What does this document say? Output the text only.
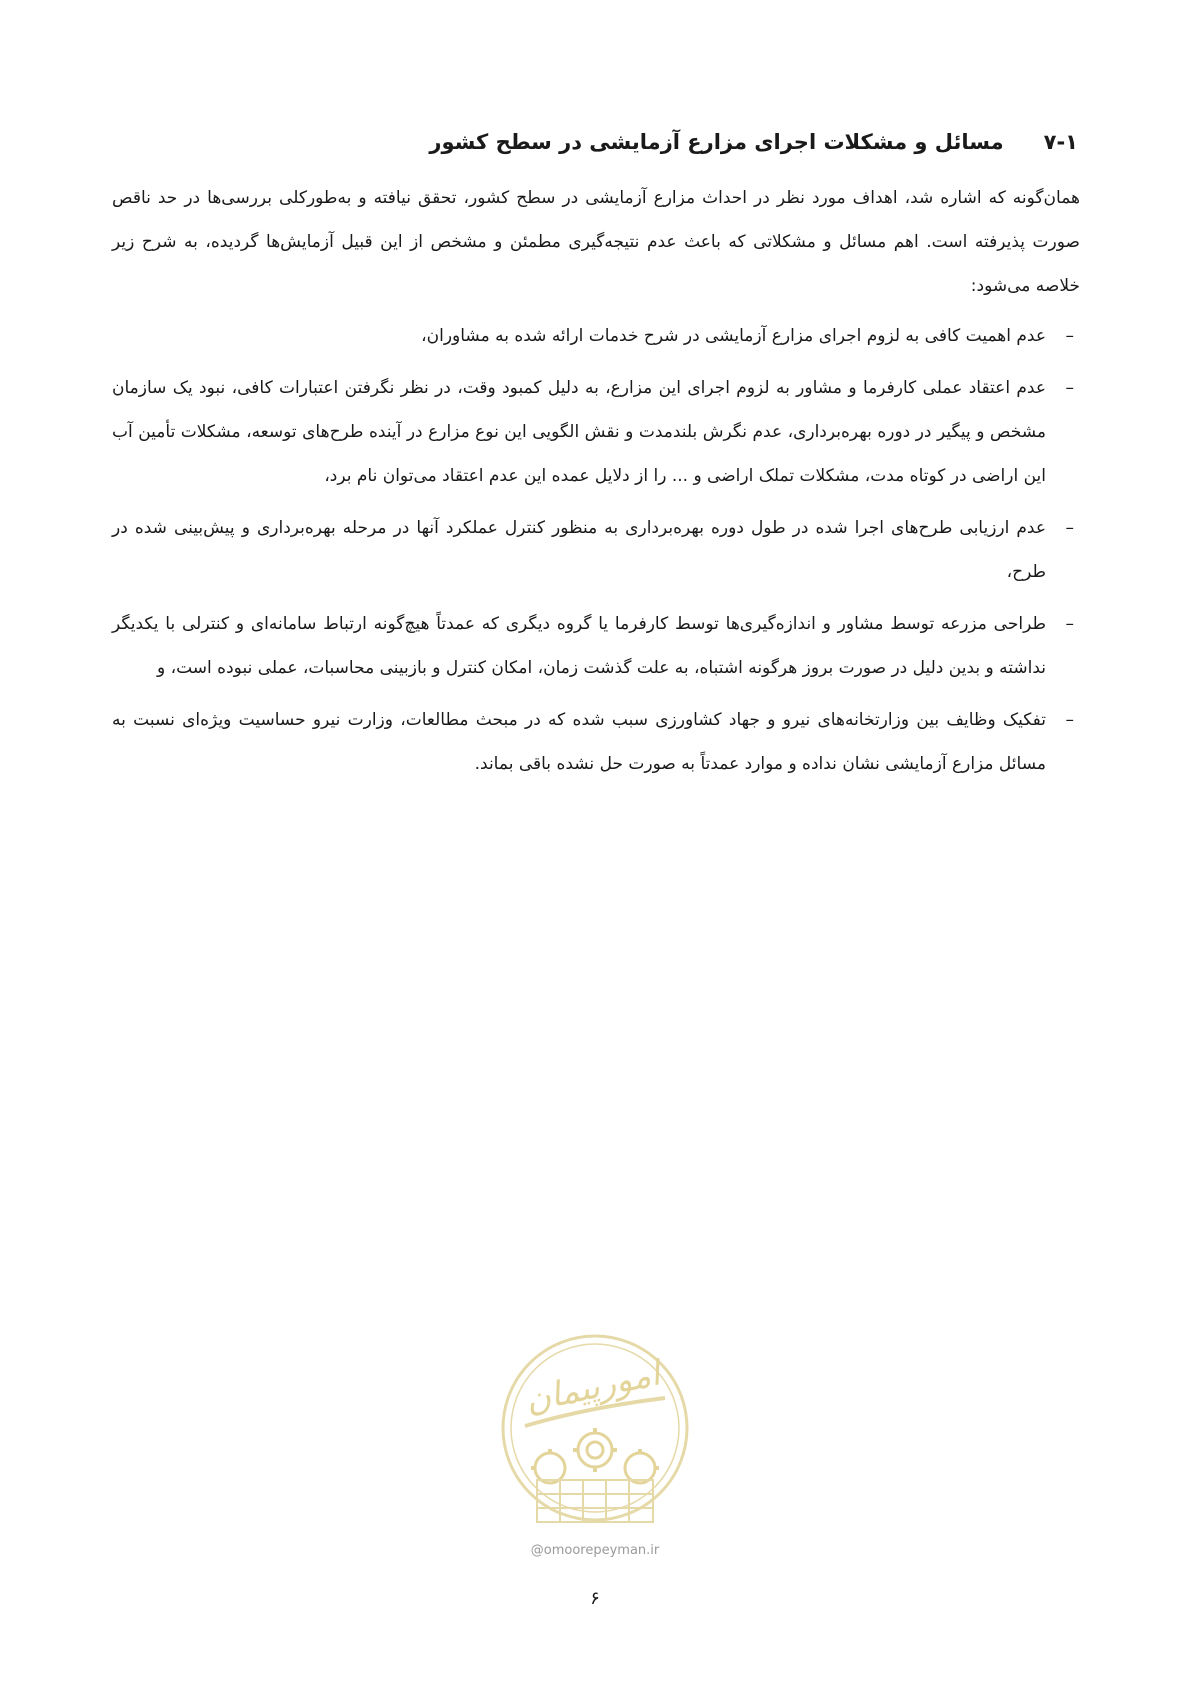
۷-۱
مسائل و مشکلات اجرای مزارع آزمایشی در سطح کشور

همان‌گونه که اشاره شد، اهداف مورد نظر در احداث مزارع آزمایشی در سطح کشور، تحقق نیافته و به‌طورکلی بررسی‌ها در حد ناقص صورت پذیرفته است. اهم مسائل و مشکلاتی که باعث عدم نتیجه‌گیری مطمئن و مشخص از این قبیل آزمایش‌ها گردیده، به شرح زیر خلاصه می‌شود:

–
عدم اهمیت کافی به لزوم اجرای مزارع آزمایشی در شرح خدمات ارائه شده به مشاوران،
–
عدم اعتقاد عملی کارفرما و مشاور به لزوم اجرای این مزارع، به دلیل کمبود وقت، در نظر نگرفتن اعتبارات کافی، نبود یک سازمان مشخص و پیگیر در دوره بهره‌برداری، عدم نگرش بلندمدت و نقش الگویی این نوع مزارع در آینده طرح‌های توسعه، مشکلات تأمین آب این اراضی در کوتاه مدت، مشکلات تملک اراضی و ... را از دلایل عمده این عدم اعتقاد می‌توان نام برد،
–
عدم ارزیابی طرح‌های اجرا شده در طول دوره بهره‌برداری به منظور کنترل عملکرد آنها در مرحله بهره‌برداری و پیش‌بینی شده در طرح،
–
طراحی مزرعه توسط مشاور و اندازه‌گیری‌ها توسط کارفرما یا گروه دیگری که عمدتاً هیچ‌گونه ارتباط سامانه‌ای و کنترلی با یکدیگر نداشته و بدین دلیل در صورت بروز هرگونه اشتباه، به علت گذشت زمان، امکان کنترل و بازبینی محاسبات، عملی نبوده است، و
–
تفکیک وظایف بین وزارتخانه‌های نیرو و جهاد کشاورزی سبب شده که در مبحث مطالعات، وزارت نیرو حساسیت ویژه‌ای نسبت به مسائل مزارع آزمایشی نشان نداده و موارد عمدتاً به صورت حل نشده باقی بماند.
امورپیمان
@omoorepeyman.ir
۶
